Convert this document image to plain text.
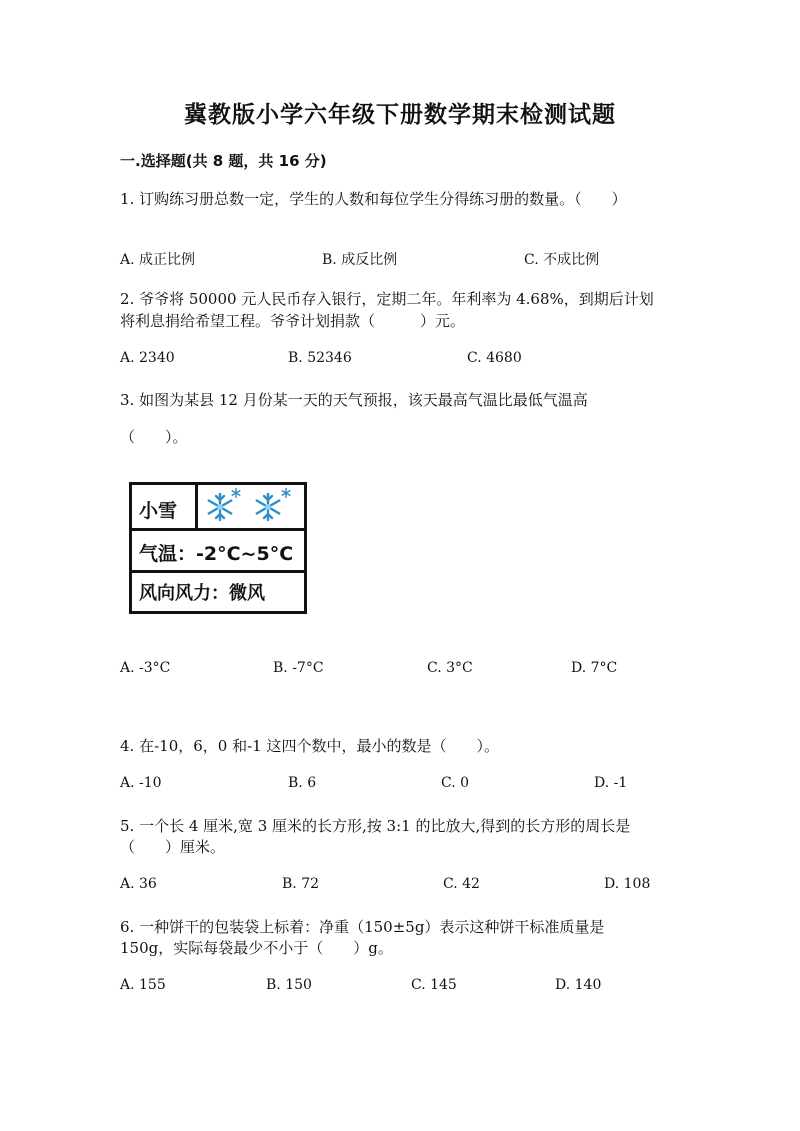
冀教版小学六年级下册数学期末检测试题
一.选择题(共 8 题，共 16 分)
1. 订购练习册总数一定，学生的人数和每位学生分得练习册的数量。（　　）
A. 成正比例	B. 成反比例	C. 不成比例
2. 爷爷将 50000 元人民币存入银行，定期二年。年利率为 4.68%，到期后计划
将利息捐给希望工程。爷爷计划捐款（　　　）元。
A. 2340	B. 52346	C. 4680
3. 如图为某县 12 月份某一天的天气预报，该天最高气温比最低气温高
（　　）。
小雪
气温：-2°C~5°C
风向风力：微风
A. -3°C	B. -7°C	C. 3°C	D. 7°C
4. 在-10，6，0 和-1 这四个数中，最小的数是（　　）。
A. -10	B. 6	C. 0	D. -1
5. 一个长 4 厘米,宽 3 厘米的长方形,按 3:1 的比放大,得到的长方形的周长是
（　　）厘米。
A. 36	B. 72	C. 42	D. 108
6. 一种饼干的包装袋上标着：净重（150±5g）表示这种饼干标准质量是
150g，实际每袋最少不小于（　　）g。
A. 155	B. 150	C. 145	D. 140
